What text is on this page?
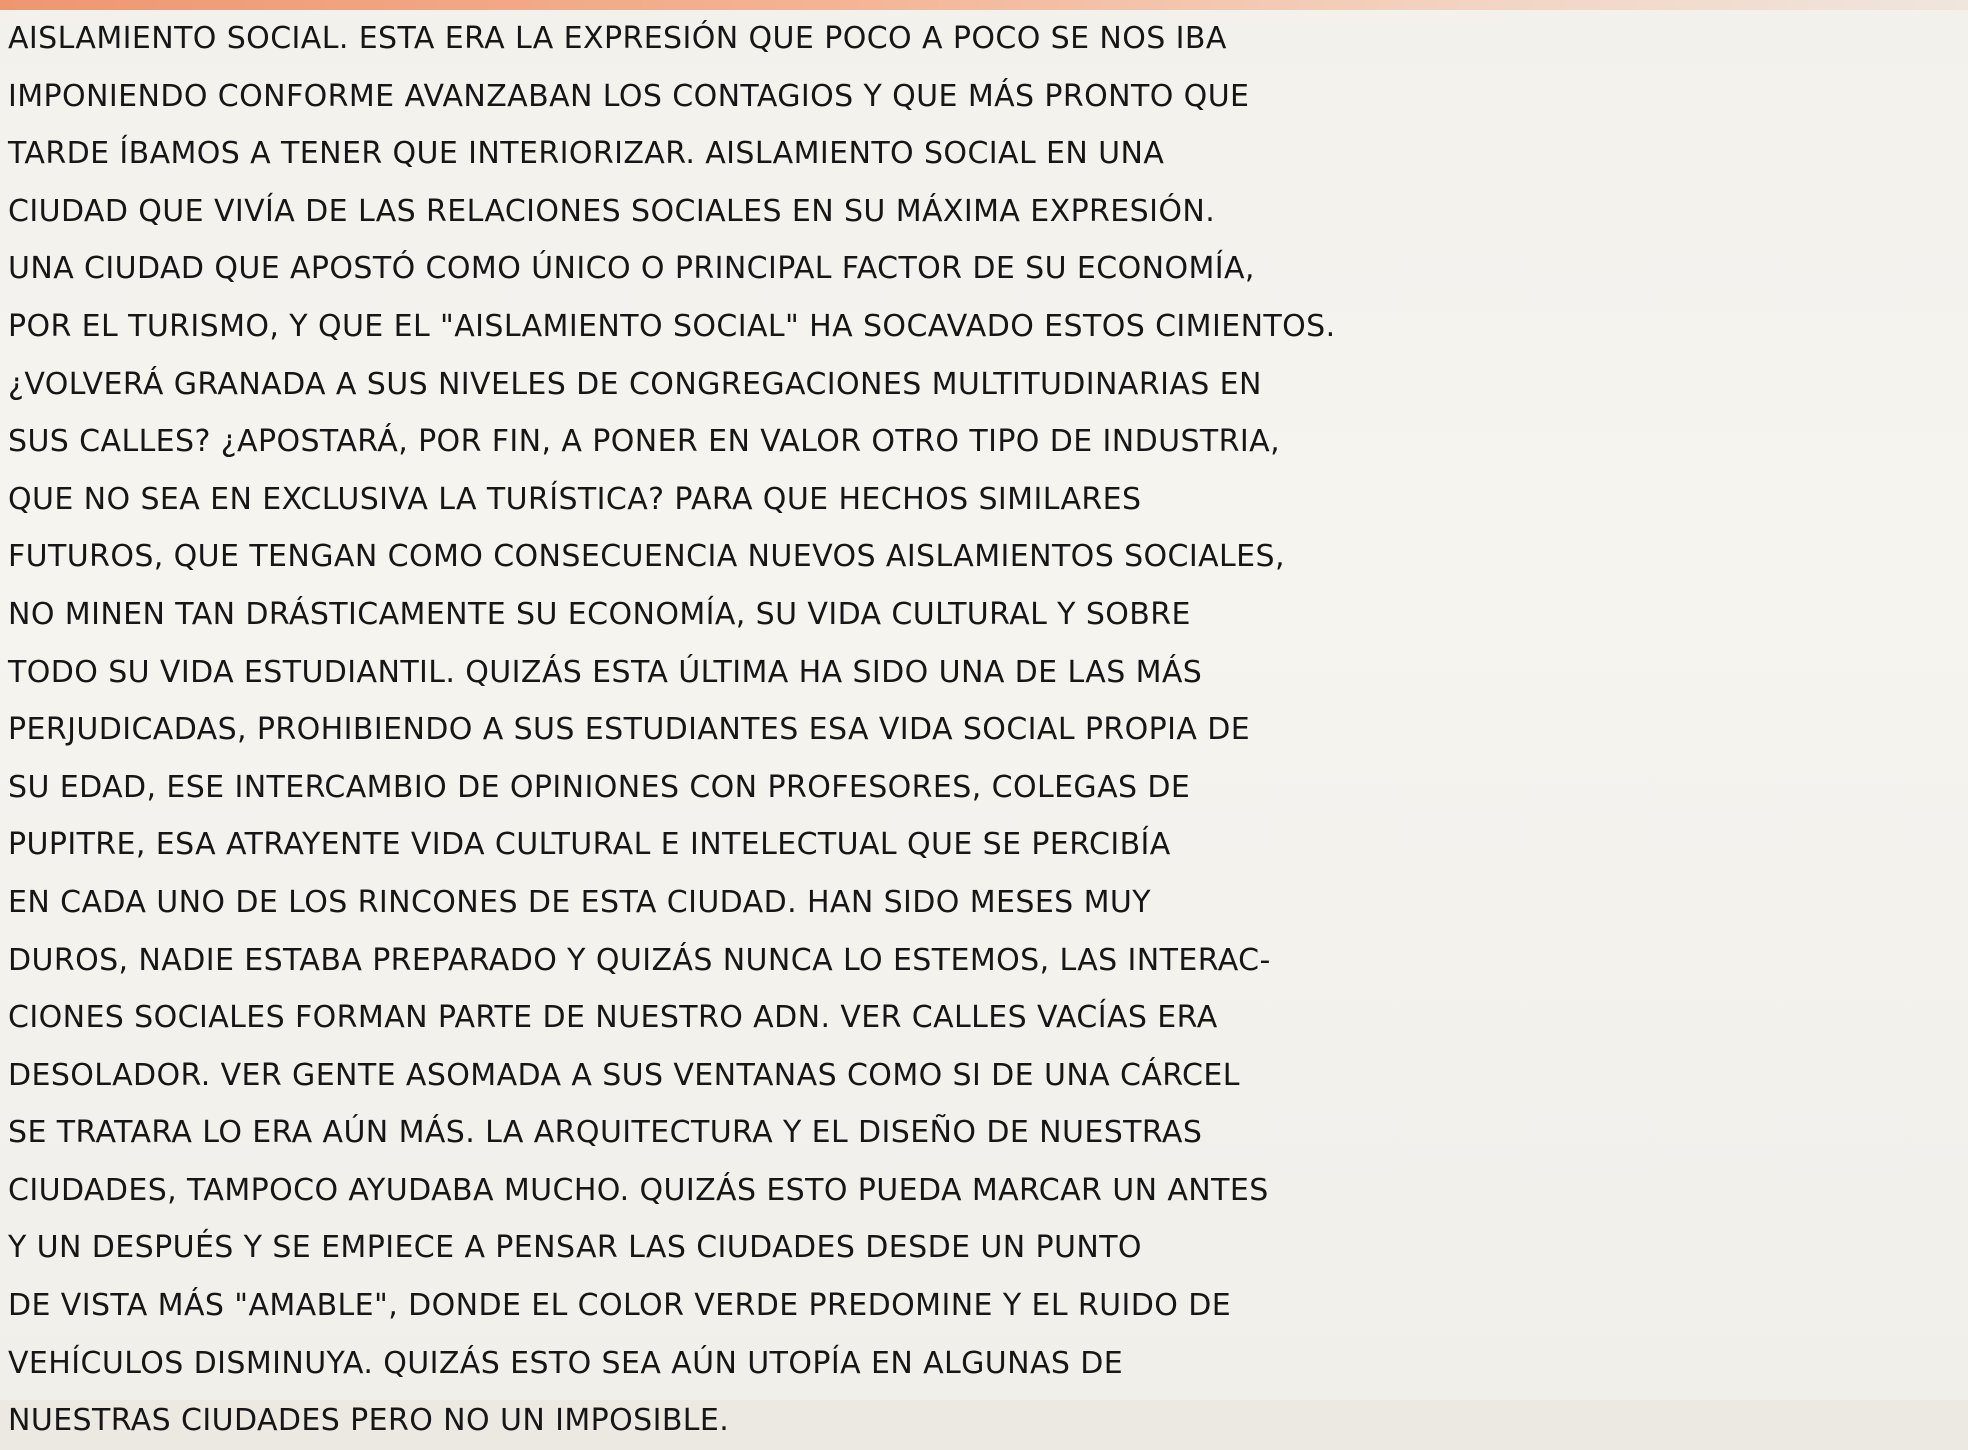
AISLAMIENTO SOCIAL. ESTA ERA LA EXPRESIÓN QUE POCO A POCO SE NOS IBA
IMPONIENDO CONFORME AVANZABAN LOS CONTAGIOS Y QUE MÁS PRONTO QUE
TARDE ÍBAMOS A TENER QUE INTERIORIZAR. AISLAMIENTO SOCIAL EN UNA
CIUDAD QUE VIVÍA DE LAS RELACIONES SOCIALES EN SU MÁXIMA EXPRESIÓN.
UNA CIUDAD QUE APOSTÓ COMO ÚNICO O PRINCIPAL FACTOR DE SU ECONOMÍA,
POR EL TURISMO, Y QUE EL "AISLAMIENTO SOCIAL" HA SOCAVADO ESTOS CIMIENTOS.
¿VOLVERÁ GRANADA A SUS NIVELES DE CONGREGACIONES MULTITUDINARIAS EN
SUS CALLES? ¿APOSTARÁ, POR FIN, A PONER EN VALOR OTRO TIPO DE INDUSTRIA,
QUE NO SEA EN EXCLUSIVA LA TURÍSTICA? PARA QUE HECHOS SIMILARES
FUTUROS, QUE TENGAN COMO CONSECUENCIA NUEVOS AISLAMIENTOS SOCIALES,
NO MINEN TAN DRÁSTICAMENTE SU ECONOMÍA, SU VIDA CULTURAL Y SOBRE
TODO SU VIDA ESTUDIANTIL. QUIZÁS ESTA ÚLTIMA HA SIDO UNA DE LAS MÁS
PERJUDICADAS, PROHIBIENDO A SUS ESTUDIANTES ESA VIDA SOCIAL PROPIA DE
SU EDAD, ESE INTERCAMBIO DE OPINIONES CON PROFESORES, COLEGAS DE
PUPITRE, ESA ATRAYENTE VIDA CULTURAL E INTELECTUAL QUE SE PERCIBÍA
EN CADA UNO DE LOS RINCONES DE ESTA CIUDAD. HAN SIDO MESES MUY
DUROS, NADIE ESTABA PREPARADO Y QUIZÁS NUNCA LO ESTEMOS, LAS INTERAC-
CIONES SOCIALES FORMAN PARTE DE NUESTRO ADN. VER CALLES VACÍAS ERA
DESOLADOR. VER GENTE ASOMADA A SUS VENTANAS COMO SI DE UNA CÁRCEL
SE TRATARA LO ERA AÚN MÁS. LA ARQUITECTURA Y EL DISEÑO DE NUESTRAS
CIUDADES, TAMPOCO AYUDABA MUCHO. QUIZÁS ESTO PUEDA MARCAR UN ANTES
Y UN DESPUÉS Y SE EMPIECE A PENSAR LAS CIUDADES DESDE UN PUNTO
DE VISTA MÁS "AMABLE", DONDE EL COLOR VERDE PREDOMINE Y EL RUIDO DE
VEHÍCULOS DISMINUYA. QUIZÁS ESTO SEA AÚN UTOPÍA EN ALGUNAS DE
NUESTRAS CIUDADES PERO NO UN IMPOSIBLE.
